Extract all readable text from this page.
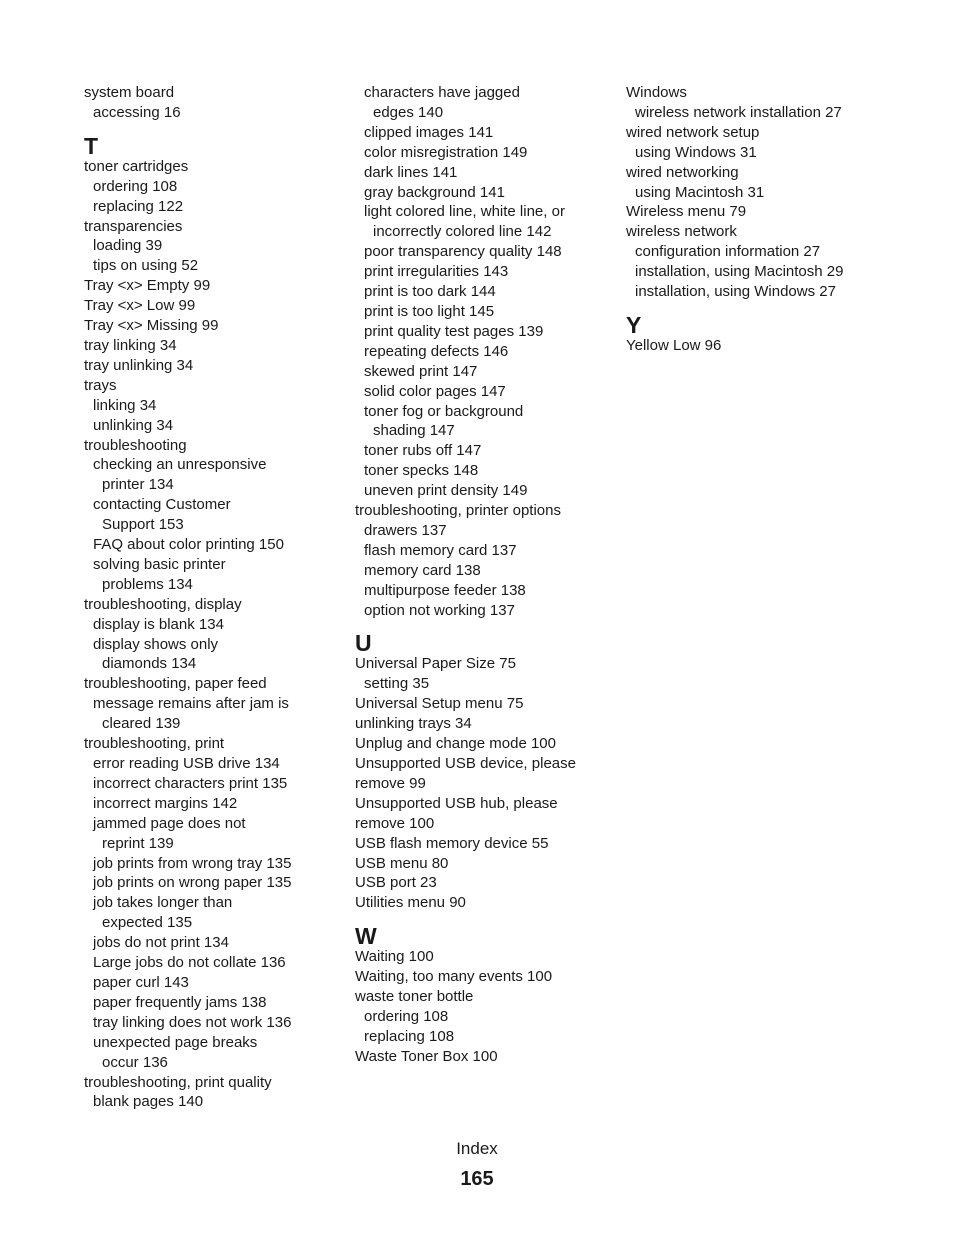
system board
accessing 16
T
toner cartridges
ordering 108
replacing 122
transparencies
loading 39
tips on using 52
Tray <x> Empty 99
Tray <x> Low 99
Tray <x> Missing 99
tray linking 34
tray unlinking 34
trays
linking 34
unlinking 34
troubleshooting
checking an unresponsive
printer 134
contacting Customer
Support 153
FAQ about color printing 150
solving basic printer
problems 134
troubleshooting, display
display is blank 134
display shows only
diamonds 134
troubleshooting, paper feed
message remains after jam is
cleared 139
troubleshooting, print
error reading USB drive 134
incorrect characters print 135
incorrect margins 142
jammed page does not
reprint 139
job prints from wrong tray 135
job prints on wrong paper 135
job takes longer than
expected 135
jobs do not print 134
Large jobs do not collate 136
paper curl 143
paper frequently jams 138
tray linking does not work 136
unexpected page breaks
occur 136
troubleshooting, print quality
blank pages 140
characters have jagged
edges 140
clipped images 141
color misregistration 149
dark lines 141
gray background 141
light colored line, white line, or
incorrectly colored line 142
poor transparency quality 148
print irregularities 143
print is too dark 144
print is too light 145
print quality test pages 139
repeating defects 146
skewed print 147
solid color pages 147
toner fog or background
shading 147
toner rubs off 147
toner specks 148
uneven print density 149
troubleshooting, printer options
drawers 137
flash memory card 137
memory card 138
multipurpose feeder 138
option not working 137
U
Universal Paper Size 75
setting 35
Universal Setup menu 75
unlinking trays 34
Unplug and change mode 100
Unsupported USB device, please
remove 99
Unsupported USB hub, please
remove 100
USB flash memory device 55
USB menu 80
USB port 23
Utilities menu 90
W
Waiting 100
Waiting, too many events 100
waste toner bottle
ordering 108
replacing 108
Waste Toner Box 100
Windows
wireless network installation 27
wired network setup
using Windows 31
wired networking
using Macintosh 31
Wireless menu 79
wireless network
configuration information 27
installation, using Macintosh 29
installation, using Windows 27
Y
Yellow Low 96
Index
165
